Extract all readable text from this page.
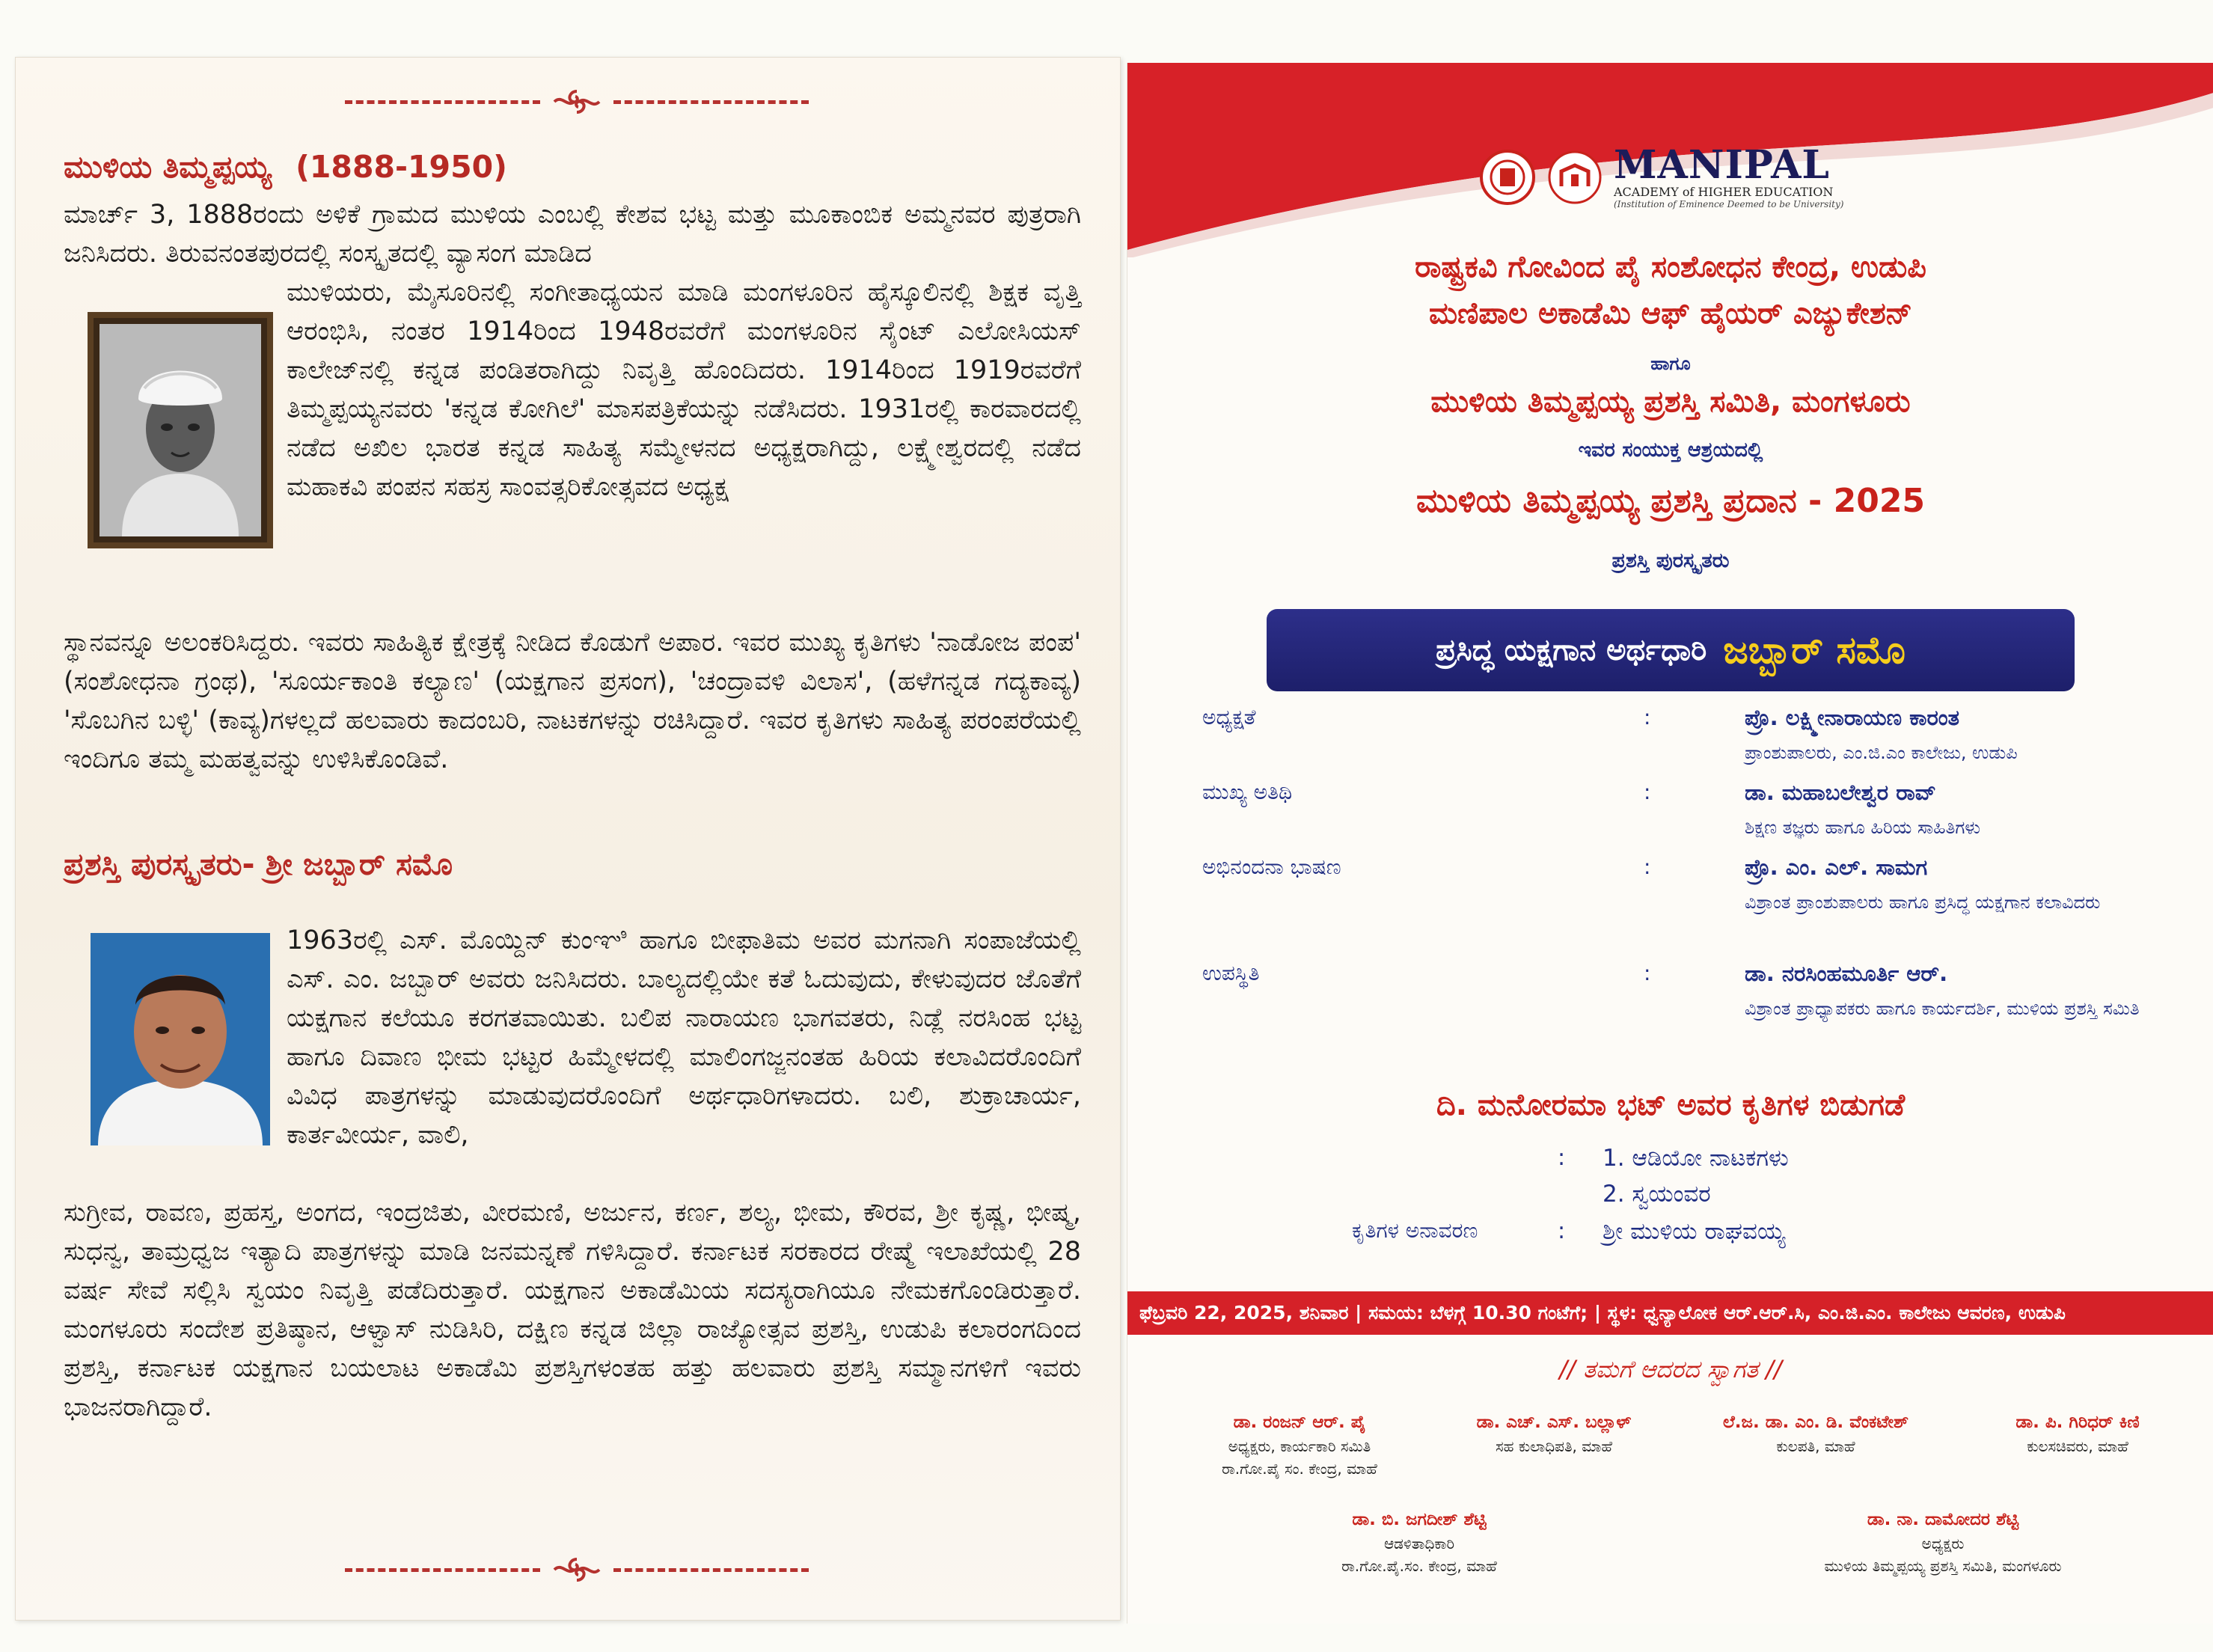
ಮುಳಿಯ ತಿಮ್ಮಪ್ಪಯ್ಯ (1888-1950)
ಮಾರ್ಚ್ 3, 1888ರಂದು ಅಳಿಕೆ ಗ್ರಾಮದ ಮುಳಿಯ ಎಂಬಲ್ಲಿ ಕೇಶವ ಭಟ್ಟ ಮತ್ತು ಮೂಕಾಂಬಿಕ ಅಮ್ಮನವರ ಪುತ್ರರಾಗಿ ಜನಿಸಿದರು. ತಿರುವನಂತಪುರದಲ್ಲಿ ಸಂಸ್ಕೃತದಲ್ಲಿ ವ್ಯಾಸಂಗ ಮಾಡಿದ
ಮುಳಿಯರು, ಮೈಸೂರಿನಲ್ಲಿ ಸಂಗೀತಾಧ್ಯಯನ ಮಾಡಿ ಮಂಗಳೂರಿನ ಹೈಸ್ಕೂಲಿನಲ್ಲಿ ಶಿಕ್ಷಕ ವೃತ್ತಿ ಆರಂಭಿಸಿ, ನಂತರ 1914ರಿಂದ 1948ರವರೆಗೆ ಮಂಗಳೂರಿನ ಸೈಂಟ್ ಎಲೋಸಿಯಸ್ ಕಾಲೇಜ್‌ನಲ್ಲಿ ಕನ್ನಡ ಪಂಡಿತರಾಗಿದ್ದು ನಿವೃತ್ತಿ ಹೊಂದಿದರು. 1914ರಿಂದ 1919ರವರೆಗೆ ತಿಮ್ಮಪ್ಪಯ್ಯನವರು 'ಕನ್ನಡ ಕೋಗಿಲೆ' ಮಾಸಪತ್ರಿಕೆಯನ್ನು ನಡೆಸಿದರು. 1931ರಲ್ಲಿ ಕಾರವಾರದಲ್ಲಿ ನಡೆದ ಅಖಿಲ ಭಾರತ ಕನ್ನಡ ಸಾಹಿತ್ಯ ಸಮ್ಮೇಳನದ ಅಧ್ಯಕ್ಷರಾಗಿದ್ದು, ಲಕ್ಷ್ಮೇಶ್ವರದಲ್ಲಿ ನಡೆದ ಮಹಾಕವಿ ಪಂಪನ ಸಹಸ್ರ ಸಾಂವತ್ಸರಿಕೋತ್ಸವದ ಅಧ್ಯಕ್ಷ
ಸ್ಥಾನವನ್ನೂ ಅಲಂಕರಿಸಿದ್ದರು. ಇವರು ಸಾಹಿತ್ಯಿಕ ಕ್ಷೇತ್ರಕ್ಕೆ ನೀಡಿದ ಕೊಡುಗೆ ಅಪಾರ. ಇವರ ಮುಖ್ಯ ಕೃತಿಗಳು 'ನಾಡೋಜ ಪಂಪ' (ಸಂಶೋಧನಾ ಗ್ರಂಥ), 'ಸೂರ್ಯಕಾಂತಿ ಕಲ್ಯಾಣ' (ಯಕ್ಷಗಾನ ಪ್ರಸಂಗ), 'ಚಂದ್ರಾವಳಿ ವಿಲಾಸ', (ಹಳೆಗನ್ನಡ ಗದ್ಯಕಾವ್ಯ) 'ಸೊಬಗಿನ ಬಳ್ಳಿ' (ಕಾವ್ಯ)ಗಳಲ್ಲದೆ ಹಲವಾರು ಕಾದಂಬರಿ, ನಾಟಕಗಳನ್ನು ರಚಿಸಿದ್ದಾರೆ. ಇವರ ಕೃತಿಗಳು ಸಾಹಿತ್ಯ ಪರಂಪರೆಯಲ್ಲಿ ಇಂದಿಗೂ ತಮ್ಮ ಮಹತ್ವವನ್ನು ಉಳಿಸಿಕೊಂಡಿವೆ.
ಪ್ರಶಸ್ತಿ ಪುರಸ್ಕೃತರು- ಶ್ರೀ ಜಬ್ಬಾರ್ ಸಮೊ
1963ರಲ್ಲಿ ಎಸ್. ಮೊಯ್ದಿನ್ ಕುಂಞಿ ಹಾಗೂ ಬೀಫಾತಿಮ ಅವರ ಮಗನಾಗಿ ಸಂಪಾಜೆಯಲ್ಲಿ ಎಸ್. ಎಂ. ಜಬ್ಬಾರ್ ಅವರು ಜನಿಸಿದರು. ಬಾಲ್ಯದಲ್ಲಿಯೇ ಕತೆ ಓದುವುದು, ಕೇಳುವುದರ ಜೊತೆಗೆ ಯಕ್ಷಗಾನ ಕಲೆಯೂ ಕರಗತವಾಯಿತು. ಬಲಿಪ ನಾರಾಯಣ ಭಾಗವತರು, ನಿಡ್ಲೆ ನರಸಿಂಹ ಭಟ್ಟ ಹಾಗೂ ದಿವಾಣ ಭೀಮ ಭಟ್ಟರ ಹಿಮ್ಮೇಳದಲ್ಲಿ ಮಾಲಿಂಗಜ್ಜನಂತಹ ಹಿರಿಯ ಕಲಾವಿದರೊಂದಿಗೆ ವಿವಿಧ ಪಾತ್ರಗಳನ್ನು ಮಾಡುವುದರೊಂದಿಗೆ ಅರ್ಥಧಾರಿಗಳಾದರು. ಬಲಿ, ಶುಕ್ರಾಚಾರ್ಯ, ಕಾರ್ತವೀರ್ಯ, ವಾಲಿ,
ಸುಗ್ರೀವ, ರಾವಣ, ಪ್ರಹಸ್ತ, ಅಂಗದ, ಇಂದ್ರಜಿತು, ವೀರಮಣಿ, ಅರ್ಜುನ, ಕರ್ಣ, ಶಲ್ಯ, ಭೀಮ, ಕೌರವ, ಶ್ರೀ ಕೃಷ್ಣ, ಭೀಷ್ಮ, ಸುಧನ್ವ, ತಾಮ್ರಧ್ವಜ ಇತ್ಯಾದಿ ಪಾತ್ರಗಳನ್ನು ಮಾಡಿ ಜನಮನ್ನಣೆ ಗಳಿಸಿದ್ದಾರೆ. ಕರ್ನಾಟಕ ಸರಕಾರದ ರೇಷ್ಮೆ ಇಲಾಖೆಯಲ್ಲಿ 28 ವರ್ಷ ಸೇವೆ ಸಲ್ಲಿಸಿ ಸ್ವಯಂ ನಿವೃತ್ತಿ ಪಡೆದಿರುತ್ತಾರೆ. ಯಕ್ಷಗಾನ ಅಕಾಡೆಮಿಯ ಸದಸ್ಯರಾಗಿಯೂ ನೇಮಕಗೊಂಡಿರುತ್ತಾರೆ. ಮಂಗಳೂರು ಸಂದೇಶ ಪ್ರತಿಷ್ಠಾನ, ಆಳ್ವಾಸ್ ನುಡಿಸಿರಿ, ದಕ್ಷಿಣ ಕನ್ನಡ ಜಿಲ್ಲಾ ರಾಜ್ಯೋತ್ಸವ ಪ್ರಶಸ್ತಿ, ಉಡುಪಿ ಕಲಾರಂಗದಿಂದ ಪ್ರಶಸ್ತಿ, ಕರ್ನಾಟಕ ಯಕ್ಷಗಾನ ಬಯಲಾಟ ಅಕಾಡೆಮಿ ಪ್ರಶಸ್ತಿಗಳಂತಹ ಹತ್ತು ಹಲವಾರು ಪ್ರಶಸ್ತಿ ಸಮ್ಮಾನಗಳಿಗೆ ಇವರು ಭಾಜನರಾಗಿದ್ದಾರೆ.
MANIPAL
ACADEMY of HIGHER EDUCATION
(Institution of Eminence Deemed to be University)
ರಾಷ್ಟ್ರಕವಿ ಗೋವಿಂದ ಪೈ ಸಂಶೋಧನ ಕೇಂದ್ರ, ಉಡುಪಿ
ಮಣಿಪಾಲ ಅಕಾಡೆಮಿ ಆಫ್ ಹೈಯರ್ ಎಜ್ಯುಕೇಶನ್
ಹಾಗೂ
ಮುಳಿಯ ತಿಮ್ಮಪ್ಪಯ್ಯ ಪ್ರಶಸ್ತಿ ಸಮಿತಿ, ಮಂಗಳೂರು
ಇವರ ಸಂಯುಕ್ತ ಆಶ್ರಯದಲ್ಲಿ
ಮುಳಿಯ ತಿಮ್ಮಪ್ಪಯ್ಯ ಪ್ರಶಸ್ತಿ ಪ್ರದಾನ - 2025
ಪ್ರಶಸ್ತಿ ಪುರಸ್ಕೃತರು
ಪ್ರಸಿದ್ಧ ಯಕ್ಷಗಾನ ಅರ್ಥಧಾರಿ ಜಬ್ಬಾರ್ ಸಮೊ
ಅಧ್ಯಕ್ಷತೆ	:	ಪ್ರೊ. ಲಕ್ಷ್ಮೀನಾರಾಯಣ ಕಾರಂತ
ಪ್ರಾಂಶುಪಾಲರು, ಎಂ.ಜಿ.ಎಂ ಕಾಲೇಜು, ಉಡುಪಿ
ಮುಖ್ಯ ಅತಿಥಿ	:	ಡಾ. ಮಹಾಬಲೇಶ್ವರ ರಾವ್
ಶಿಕ್ಷಣ ತಜ್ಞರು ಹಾಗೂ ಹಿರಿಯ ಸಾಹಿತಿಗಳು
ಅಭಿನಂದನಾ ಭಾಷಣ	:	ಪ್ರೊ. ಎಂ. ಎಲ್. ಸಾಮಗ
ವಿಶ್ರಾಂತ ಪ್ರಾಂಶುಪಾಲರು ಹಾಗೂ ಪ್ರಸಿದ್ಧ ಯಕ್ಷಗಾನ ಕಲಾವಿದರು
ಉಪಸ್ಥಿತಿ	:	ಡಾ. ನರಸಿಂಹಮೂರ್ತಿ ಆರ್.
ವಿಶ್ರಾಂತ ಪ್ರಾಧ್ಯಾಪಕರು ಹಾಗೂ ಕಾರ್ಯದರ್ಶಿ, ಮುಳಿಯ ಪ್ರಶಸ್ತಿ ಸಮಿತಿ
ದಿ. ಮನೋರಮಾ ಭಟ್ ಅವರ ಕೃತಿಗಳ ಬಿಡುಗಡೆ
: 1. ಆಡಿಯೋ ನಾಟಕಗಳು
2. ಸ್ವಯಂವರ
ಕೃತಿಗಳ ಅನಾವರಣ	: ಶ್ರೀ ಮುಳಿಯ ರಾಘವಯ್ಯ
ಫೆಬ್ರವರಿ 22, 2025, ಶನಿವಾರ | ಸಮಯ: ಬೆಳಗ್ಗೆ 10.30 ಗಂಟೆಗೆ; | ಸ್ಥಳ: ಧ್ವನ್ಯಾಲೋಕ ಆರ್.ಆರ್.ಸಿ, ಎಂ.ಜಿ.ಎಂ. ಕಾಲೇಜು ಆವರಣ, ಉಡುಪಿ
// ತಮಗೆ ಆದರದ ಸ್ವಾಗತ //
ಡಾ. ರಂಜನ್ ಆರ್. ಪೈ
ಅಧ್ಯಕ್ಷರು, ಕಾರ್ಯಕಾರಿ ಸಮಿತಿ
ರಾ.ಗೋ.ಪೈ ಸಂ. ಕೇಂದ್ರ, ಮಾಹೆ
ಡಾ. ಎಚ್. ಎಸ್. ಬಲ್ಲಾಳ್
ಸಹ ಕುಲಾಧಿಪತಿ, ಮಾಹೆ
ಲೆ.ಜ. ಡಾ. ಎಂ. ಡಿ. ವೆಂಕಟೇಶ್
ಕುಲಪತಿ, ಮಾಹೆ
ಡಾ. ಪಿ. ಗಿರಿಧರ್ ಕಿಣಿ
ಕುಲಸಚಿವರು, ಮಾಹೆ
ಡಾ. ಬಿ. ಜಗದೀಶ್ ಶೆಟ್ಟಿ
ಆಡಳಿತಾಧಿಕಾರಿ
ರಾ.ಗೋ.ಪೈ.ಸಂ. ಕೇಂದ್ರ, ಮಾಹೆ
ಡಾ. ನಾ. ದಾಮೋದರ ಶೆಟ್ಟಿ
ಅಧ್ಯಕ್ಷರು
ಮುಳಿಯ ತಿಮ್ಮಪ್ಪಯ್ಯ ಪ್ರಶಸ್ತಿ ಸಮಿತಿ, ಮಂಗಳೂರು
